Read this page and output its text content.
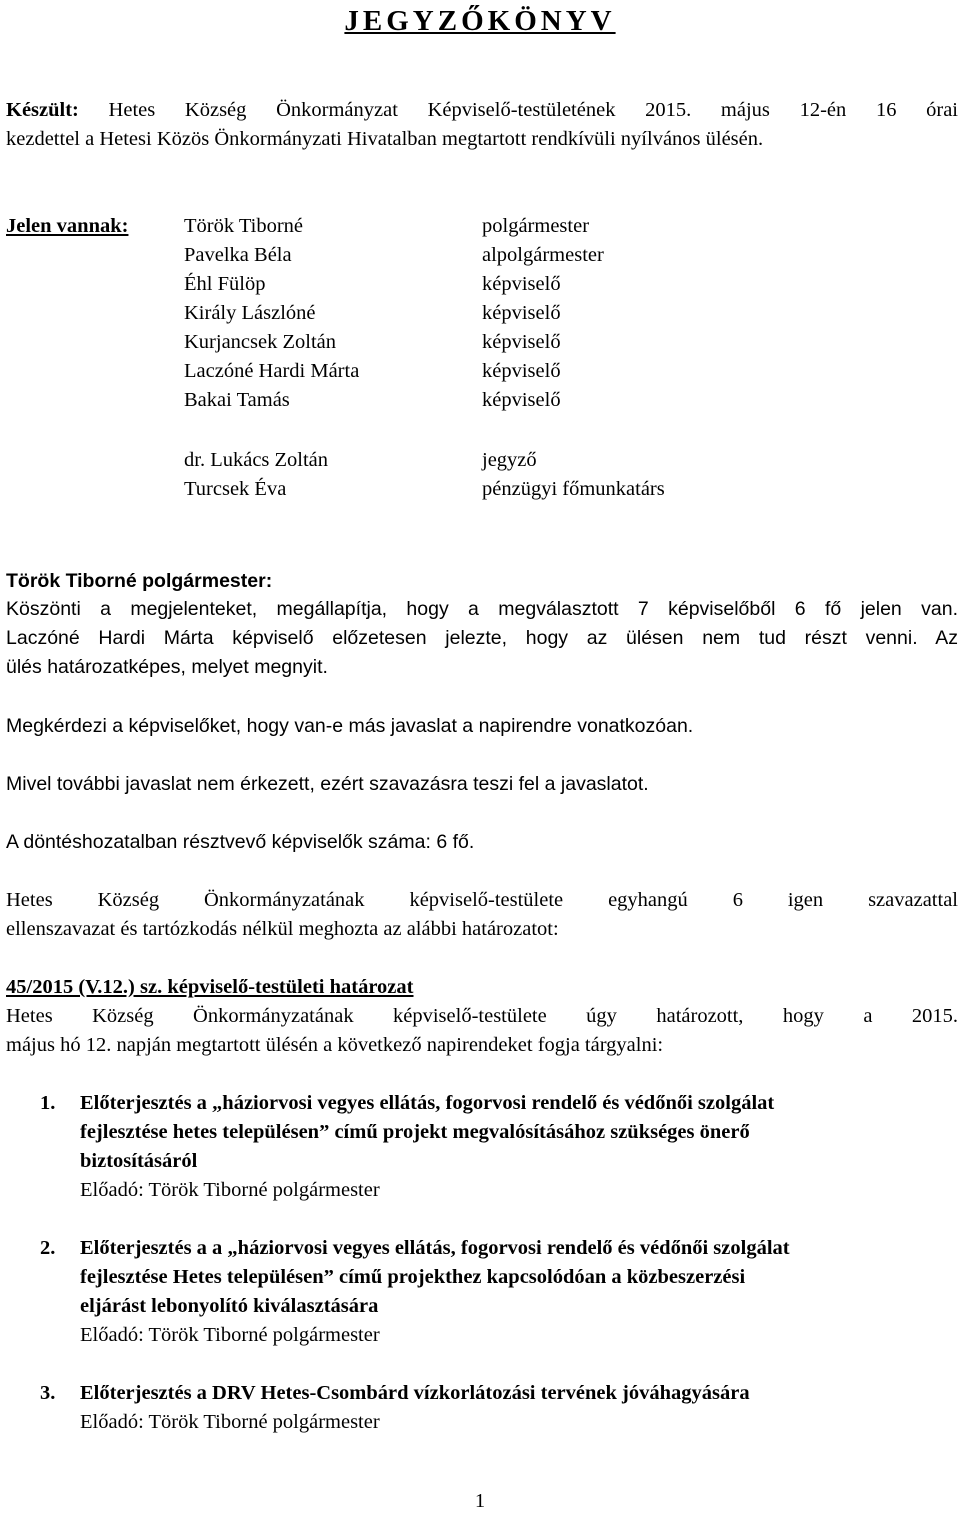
JEGYZŐKÖNYV
Készült: Hetes Község Önkormányzat Képviselő-testületének 2015. május 12-én 16 órai
kezdettel a Hetesi Közös Önkormányzati Hivatalban megtartott rendkívüli nyílvános ülésén.
Jelen vannak:	Török Tiborné	polgármester
Pavelka Béla	alpolgármester
Éhl Fülöp	képviselő
Király Lászlóné	képviselő
Kurjancsek Zoltán	képviselő
Laczóné Hardi Márta	képviselő
Bakai Tamás	képviselő
dr. Lukács Zoltán	jegyző
Turcsek Éva	pénzügyi főmunkatárs
Török Tiborné polgármester:
Köszönti a megjelenteket, megállapítja, hogy a megválasztott 7 képviselőből 6 fő jelen van.
Laczóné Hardi Márta képviselő előzetesen jelezte, hogy az ülésen nem tud részt venni. Az
ülés határozatképes, melyet megnyit.
Megkérdezi a képviselőket, hogy van-e más javaslat a napirendre vonatkozóan.
Mivel további javaslat nem érkezett, ezért szavazásra teszi fel a javaslatot.
A döntéshozatalban résztvevő képviselők száma: 6 fő.
Hetes Község Önkormányzatának képviselő-testülete egyhangú 6 igen szavazattal
ellenszavazat és tartózkodás nélkül meghozta az alábbi határozatot:
45/2015 (V.12.) sz. képviselő-testületi határozat
Hetes Község Önkormányzatának képviselő-testülete úgy határozott, hogy a 2015.
május hó 12. napján megtartott ülésén a következő napirendeket fogja tárgyalni:
1. Előterjesztés a „háziorvosi vegyes ellátás, fogorvosi rendelő és védőnői szolgálat
fejlesztése hetes településen” című projekt megvalósításához szükséges önerő
biztosításáról
Előadó: Török Tiborné polgármester
2. Előterjesztés a a „háziorvosi vegyes ellátás, fogorvosi rendelő és védőnői szolgálat
fejlesztése Hetes településen” című projekthez kapcsolódóan a közbeszerzési
eljárást lebonyolító kiválasztására
Előadó: Török Tiborné polgármester
3. Előterjesztés a DRV Hetes-Csombárd vízkorlátozási tervének jóváhagyására
Előadó: Török Tiborné polgármester
1
